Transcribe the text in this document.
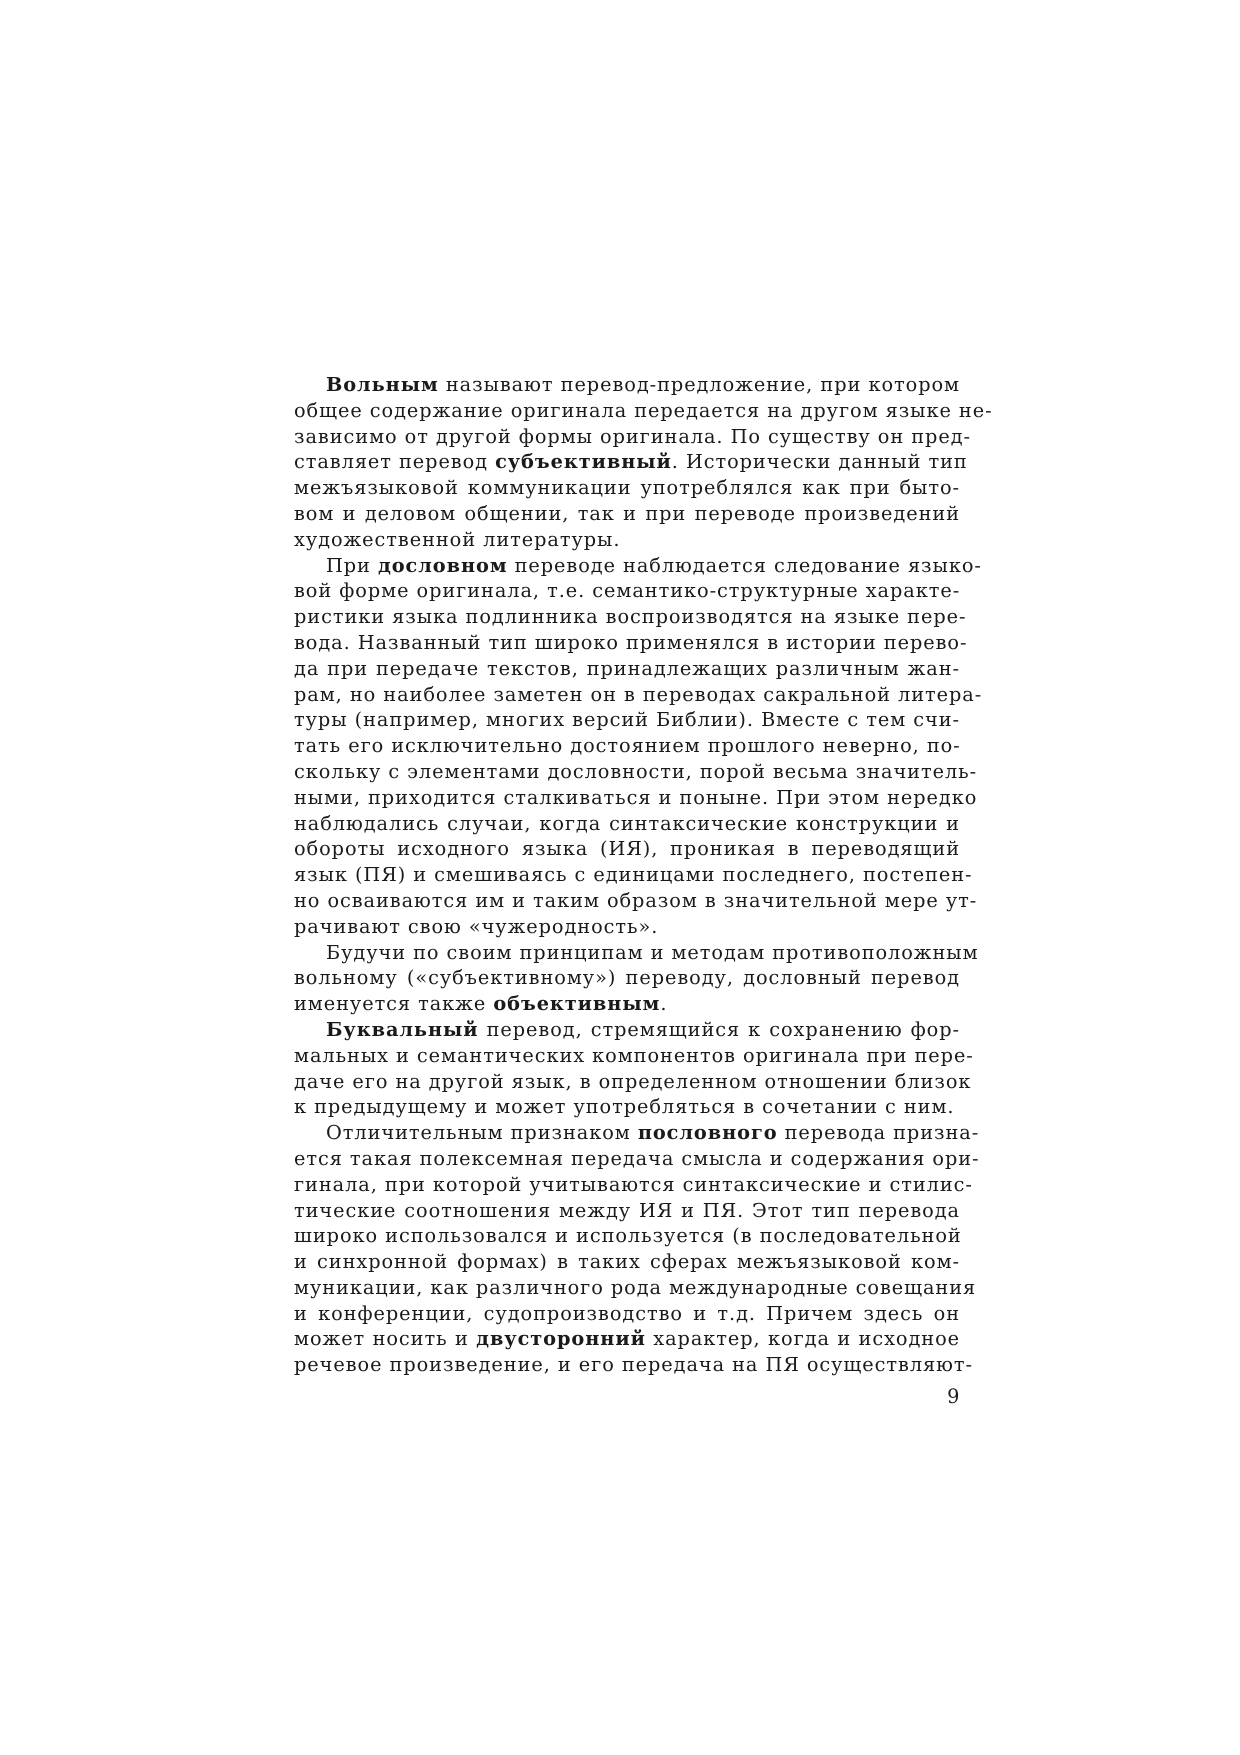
Вольным называют перевод-предложение, при котором
общее содержание оригинала передается на другом языке не-
зависимо от другой формы оригинала. По существу он пред-
ставляет перевод субъективный. Исторически данный тип
межъязыковой коммуникации употреблялся как при быто-
вом и деловом общении, так и при переводе произведений
художественной литературы.
При дословном переводе наблюдается следование языко-
вой форме оригинала, т.е. семантико-структурные характе-
ристики языка подлинника воспроизводятся на языке пере-
вода. Названный тип широко применялся в истории перево-
да при передаче текстов, принадлежащих различным жан-
рам, но наиболее заметен он в переводах сакральной литера-
туры (например, многих версий Библии). Вместе с тем счи-
тать его исключительно достоянием прошлого неверно, по-
скольку с элементами дословности, порой весьма значитель-
ными, приходится сталкиваться и поныне. При этом нередко
наблюдались случаи, когда синтаксические конструкции и
обороты исходного языка (ИЯ), проникая в переводящий
язык (ПЯ) и смешиваясь с единицами последнего, постепен-
но осваиваются им и таким образом в значительной мере ут-
рачивают свою «чужеродность».
Будучи по своим принципам и методам противоположным
вольному («субъективному») переводу, дословный перевод
именуется также объективным.
Буквальный перевод, стремящийся к сохранению фор-
мальных и семантических компонентов оригинала при пере-
даче его на другой язык, в определенном отношении близок
к предыдущему и может употребляться в сочетании с ним.
Отличительным признаком пословного перевода призна-
ется такая полексемная передача смысла и содержания ори-
гинала, при которой учитываются синтаксические и стилис-
тические соотношения между ИЯ и ПЯ. Этот тип перевода
широко использовался и используется (в последовательной
и синхронной формах) в таких сферах межъязыковой ком-
муникации, как различного рода международные совещания
и конференции, судопроизводство и т.д. Причем здесь он
может носить и двусторонний характер, когда и исходное
речевое произведение, и его передача на ПЯ осуществляют-
9
